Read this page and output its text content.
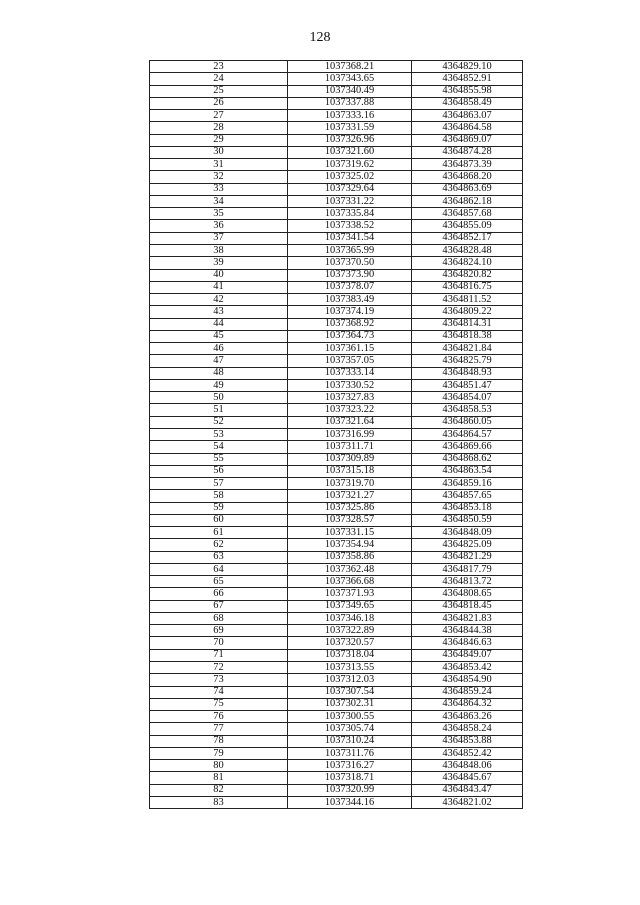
128
23	1037368.21	4364829.10
24	1037343.65	4364852.91
25	1037340.49	4364855.98
26	1037337.88	4364858.49
27	1037333.16	4364863.07
28	1037331.59	4364864.58
29	1037326.96	4364869.07
30	1037321.60	4364874.28
31	1037319.62	4364873.39
32	1037325.02	4364868.20
33	1037329.64	4364863.69
34	1037331.22	4364862.18
35	1037335.84	4364857.68
36	1037338.52	4364855.09
37	1037341.54	4364852.17
38	1037365.99	4364828.48
39	1037370.50	4364824.10
40	1037373.90	4364820.82
41	1037378.07	4364816.75
42	1037383.49	4364811.52
43	1037374.19	4364809.22
44	1037368.92	4364814.31
45	1037364.73	4364818.38
46	1037361.15	4364821.84
47	1037357.05	4364825.79
48	1037333.14	4364848.93
49	1037330.52	4364851.47
50	1037327.83	4364854.07
51	1037323.22	4364858.53
52	1037321.64	4364860.05
53	1037316.99	4364864.57
54	1037311.71	4364869.66
55	1037309.89	4364868.62
56	1037315.18	4364863.54
57	1037319.70	4364859.16
58	1037321.27	4364857.65
59	1037325.86	4364853.18
60	1037328.57	4364850.59
61	1037331.15	4364848.09
62	1037354.94	4364825.09
63	1037358.86	4364821.29
64	1037362.48	4364817.79
65	1037366.68	4364813.72
66	1037371.93	4364808.65
67	1037349.65	4364818.45
68	1037346.18	4364821.83
69	1037322.89	4364844.38
70	1037320.57	4364846.63
71	1037318.04	4364849.07
72	1037313.55	4364853.42
73	1037312.03	4364854.90
74	1037307.54	4364859.24
75	1037302.31	4364864.32
76	1037300.55	4364863.26
77	1037305.74	4364858.24
78	1037310.24	4364853.88
79	1037311.76	4364852.42
80	1037316.27	4364848.06
81	1037318.71	4364845.67
82	1037320.99	4364843.47
83	1037344.16	4364821.02
